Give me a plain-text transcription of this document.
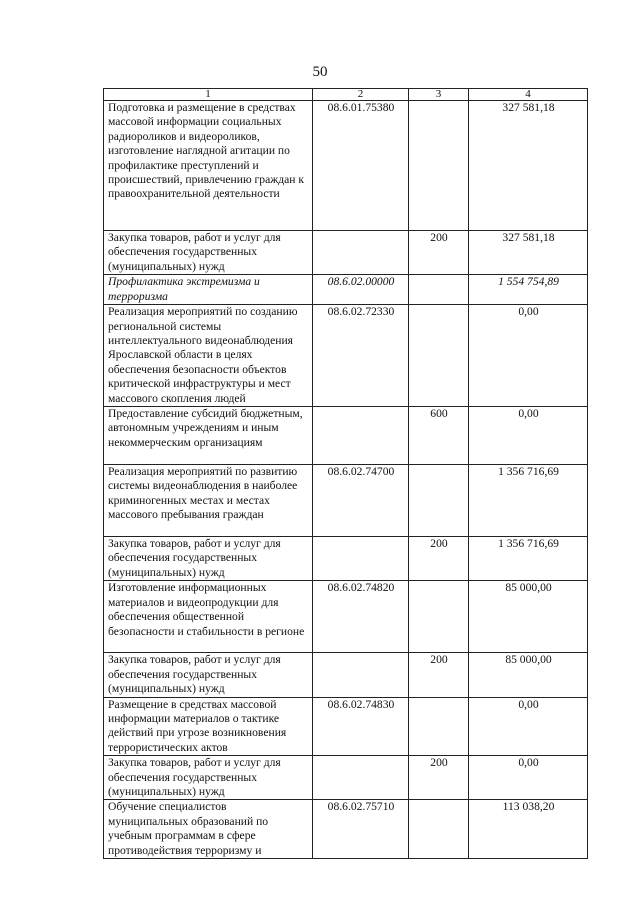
50
1	2	3	4
Подготовка и размещение в средствах массовой информации социальных радиороликов и видеороликов, изготовление наглядной агитации по профилактике преступлений и происшествий, привлечению граждан к правоохранительной деятельности	08.6.01.75380		327 581,18
Закупка товаров, работ и услуг для обеспечения государственных (муниципальных) нужд		200	327 581,18
Профилактика экстремизма и терроризма	08.6.02.00000		1 554 754,89
Реализация мероприятий по созданию региональной системы интеллектуального видеонаблюдения Ярославской области в целях обеспечения безопасности объектов критической инфраструктуры и мест массового скопления людей	08.6.02.72330		0,00
Предоставление субсидий бюджетным, автономным учреждениям и иным некоммерческим организациям		600	0,00
Реализация мероприятий по развитию системы видеонаблюдения в наиболее криминогенных местах и местах массового пребывания граждан	08.6.02.74700		1 356 716,69
Закупка товаров, работ и услуг для обеспечения государственных (муниципальных) нужд		200	1 356 716,69
Изготовление информационных материалов и видеопродукции для обеспечения общественной безопасности и стабильности в регионе	08.6.02.74820		85 000,00
Закупка товаров, работ и услуг для обеспечения государственных (муниципальных) нужд		200	85 000,00
Размещение в средствах массовой информации материалов о тактике действий при угрозе возникновения террористических актов	08.6.02.74830		0,00
Закупка товаров, работ и услуг для обеспечения государственных (муниципальных) нужд		200	0,00
Обучение специалистов муниципальных образований по учебным программам в сфере противодействия терроризму и	08.6.02.75710		113 038,20
